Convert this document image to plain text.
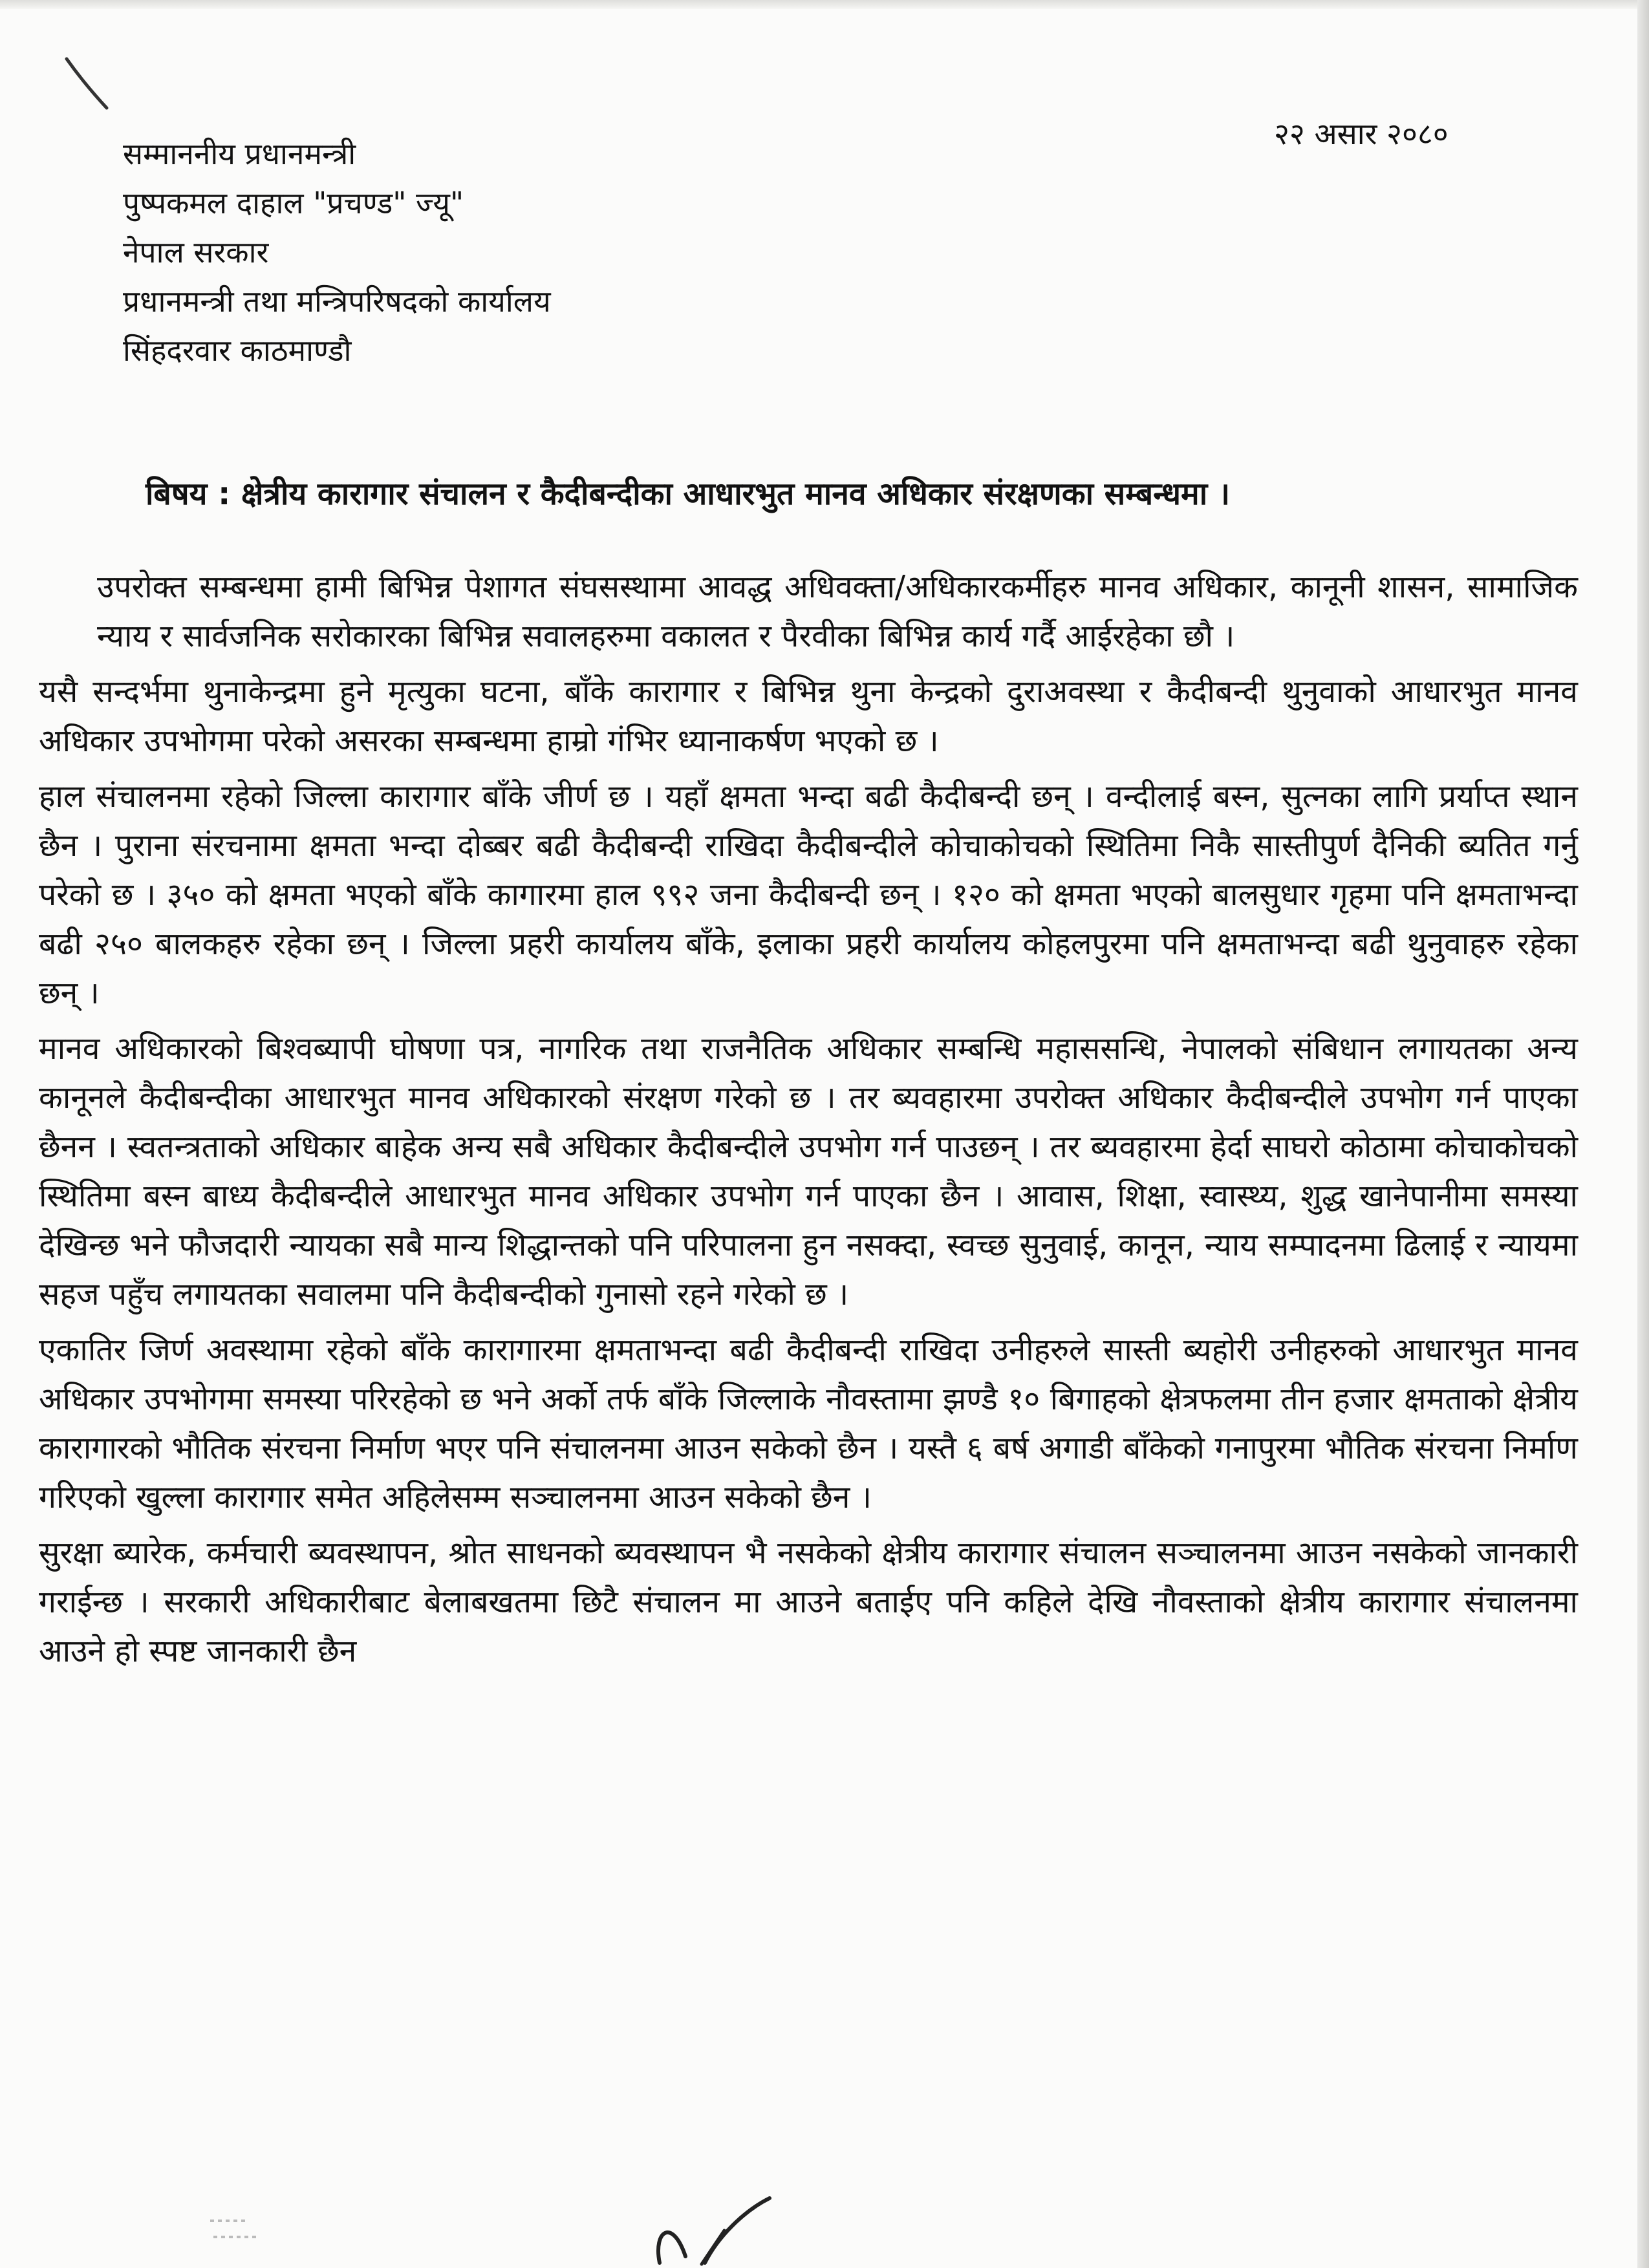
२२ असार २०८०
सम्माननीय प्रधानमन्त्री
पुष्पकमल दाहाल "प्रचण्ड" ज्यू"
नेपाल सरकार
प्रधानमन्त्री तथा मन्त्रिपरिषदको कार्यालय
सिंहदरवार काठमाण्डौ
बिषय : क्षेत्रीय कारागार संचालन र कैदीबन्दीका आधारभुत मानव अधिकार संरक्षणका सम्बन्धमा ।

उपरोक्त सम्बन्धमा हामी बिभिन्न पेशागत संघसस्थामा आवद्ध अधिवक्ता/अधिकारकर्मीहरु मानव अधिकार, कानूनी शासन, सामाजिक न्याय र सार्वजनिक सरोकारका बिभिन्न सवालहरुमा वकालत र पैरवीका बिभिन्न कार्य गर्दै आईरहेका छौ ।

यसै सन्दर्भमा थुनाकेन्द्रमा हुने मृत्युका घटना, बाँके कारागार र बिभिन्न थुना केन्द्रको दुराअवस्था र कैदीबन्दी थुनुवाको आधारभुत मानव अधिकार उपभोगमा परेको असरका सम्बन्धमा हाम्रो गंभिर ध्यानाकर्षण भएको छ ।

हाल संचालनमा रहेको जिल्ला कारागार बाँके जीर्ण छ । यहाँ क्षमता भन्दा बढी कैदीबन्दी छन् । वन्दीलाई बस्न, सुत्नका लागि प्रर्याप्त स्थान छैन । पुराना संरचनामा क्षमता भन्दा दोब्बर बढी कैदीबन्दी राखिदा कैदीबन्दीले कोचाकोचको स्थितिमा निकै सास्तीपुर्ण दैनिकी ब्यतित गर्नु परेको छ । ३५० को क्षमता भएको बाँके कागारमा हाल ९९२ जना कैदीबन्दी छन् । १२० को क्षमता भएको बालसुधार गृहमा पनि क्षमताभन्दा बढी २५० बालकहरु रहेका छन् । जिल्ला प्रहरी कार्यालय बाँके, इलाका प्रहरी कार्यालय कोहलपुरमा पनि क्षमताभन्दा बढी थुनुवाहरु रहेका छन् ।

मानव अधिकारको बिश्वब्यापी घोषणा पत्र, नागरिक तथा राजनैतिक अधिकार सम्बन्धि महाससन्धि, नेपालको संबिधान लगायतका अन्य कानूनले कैदीबन्दीका आधारभुत मानव अधिकारको संरक्षण गरेको छ । तर ब्यवहारमा उपरोक्त अधिकार कैदीबन्दीले उपभोग गर्न पाएका छैनन । स्वतन्त्रताको अधिकार बाहेक अन्य सबै अधिकार कैदीबन्दीले उपभोग गर्न पाउछन् । तर ब्यवहारमा हेर्दा साघरो कोठामा कोचाकोचको स्थितिमा बस्न बाध्य कैदीबन्दीले आधारभुत मानव अधिकार उपभोग गर्न पाएका छैन । आवास, शिक्षा, स्वास्थ्य, शुद्ध खानेपानीमा समस्या देखिन्छ भने फौजदारी न्यायका सबै मान्य शिद्धान्तको पनि परिपालना हुन नसक्दा, स्वच्छ सुनुवाई, कानून, न्याय सम्पादनमा ढिलाई र न्यायमा सहज पहुँच लगायतका सवालमा पनि कैदीबन्दीको गुनासो रहने गरेको छ ।

एकातिर जिर्ण अवस्थामा रहेको बाँके कारागारमा क्षमताभन्दा बढी कैदीबन्दी राखिदा उनीहरुले सास्ती ब्यहोरी उनीहरुको आधारभुत मानव अधिकार उपभोगमा समस्या परिरहेको छ भने अर्को तर्फ बाँके जिल्लाके नौवस्तामा झण्डै १० बिगाहको क्षेत्रफलमा तीन हजार क्षमताको क्षेत्रीय कारागारको भौतिक संरचना निर्माण भएर पनि संचालनमा आउन सकेको छैन । यस्तै ६ बर्ष अगाडी बाँकेको गनापुरमा भौतिक संरचना निर्माण गरिएको खुल्ला कारागार समेत अहिलेसम्म सञ्चालनमा आउन सकेको छैन ।

सुरक्षा ब्यारेक, कर्मचारी ब्यवस्थापन, श्रोत साधनको ब्यवस्थापन भै नसकेको क्षेत्रीय कारागार संचालन सञ्चालनमा आउन नसकेको जानकारी गराईन्छ । सरकारी अधिकारीबाट बेलाबखतमा छिटै संचालन मा आउने बताईए पनि कहिले देखि नौवस्ताको क्षेत्रीय कारागार संचालनमा आउने हो स्पष्ट जानकारी छैन
